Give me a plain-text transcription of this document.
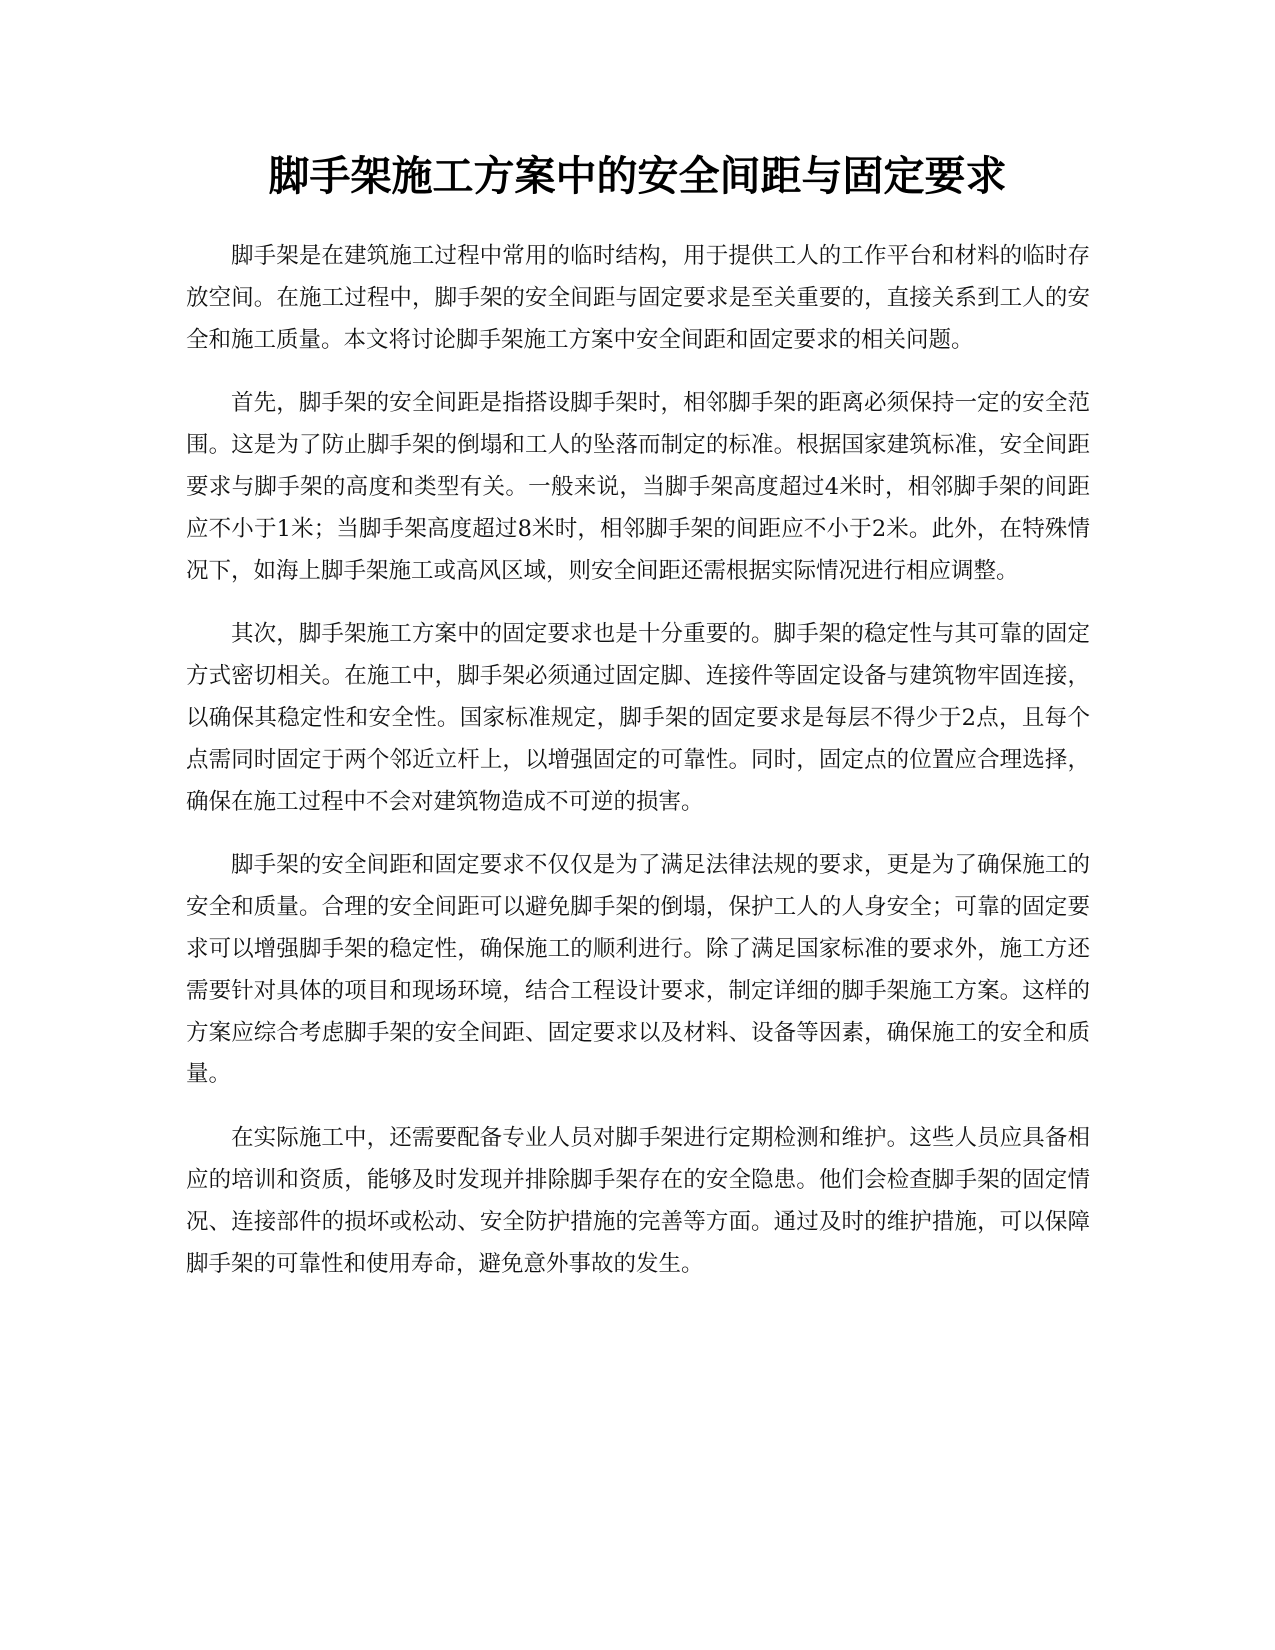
脚手架施工方案中的安全间距与固定要求

脚手架是在建筑施工过程中常用的临时结构，用于提供工人的工作平台和材料的临时存放空间。在施工过程中，脚手架的安全间距与固定要求是至关重要的，直接关系到工人的安全和施工质量。本文将讨论脚手架施工方案中安全间距和固定要求的相关问题。

首先，脚手架的安全间距是指搭设脚手架时，相邻脚手架的距离必须保持一定的安全范围。这是为了防止脚手架的倒塌和工人的坠落而制定的标准。根据国家建筑标准，安全间距要求与脚手架的高度和类型有关。一般来说，当脚手架高度超过4米时，相邻脚手架的间距应不小于1米；当脚手架高度超过8米时，相邻脚手架的间距应不小于2米。此外，在特殊情况下，如海上脚手架施工或高风区域，则安全间距还需根据实际情况进行相应调整。

其次，脚手架施工方案中的固定要求也是十分重要的。脚手架的稳定性与其可靠的固定方式密切相关。在施工中，脚手架必须通过固定脚、连接件等固定设备与建筑物牢固连接，以确保其稳定性和安全性。国家标准规定，脚手架的固定要求是每层不得少于2点，且每个点需同时固定于两个邻近立杆上，以增强固定的可靠性。同时，固定点的位置应合理选择，确保在施工过程中不会对建筑物造成不可逆的损害。

脚手架的安全间距和固定要求不仅仅是为了满足法律法规的要求，更是为了确保施工的安全和质量。合理的安全间距可以避免脚手架的倒塌，保护工人的人身安全；可靠的固定要求可以增强脚手架的稳定性，确保施工的顺利进行。除了满足国家标准的要求外，施工方还需要针对具体的项目和现场环境，结合工程设计要求，制定详细的脚手架施工方案。这样的方案应综合考虑脚手架的安全间距、固定要求以及材料、设备等因素，确保施工的安全和质量。

在实际施工中，还需要配备专业人员对脚手架进行定期检测和维护。这些人员应具备相应的培训和资质，能够及时发现并排除脚手架存在的安全隐患。他们会检查脚手架的固定情况、连接部件的损坏或松动、安全防护措施的完善等方面。通过及时的维护措施，可以保障脚手架的可靠性和使用寿命，避免意外事故的发生。
